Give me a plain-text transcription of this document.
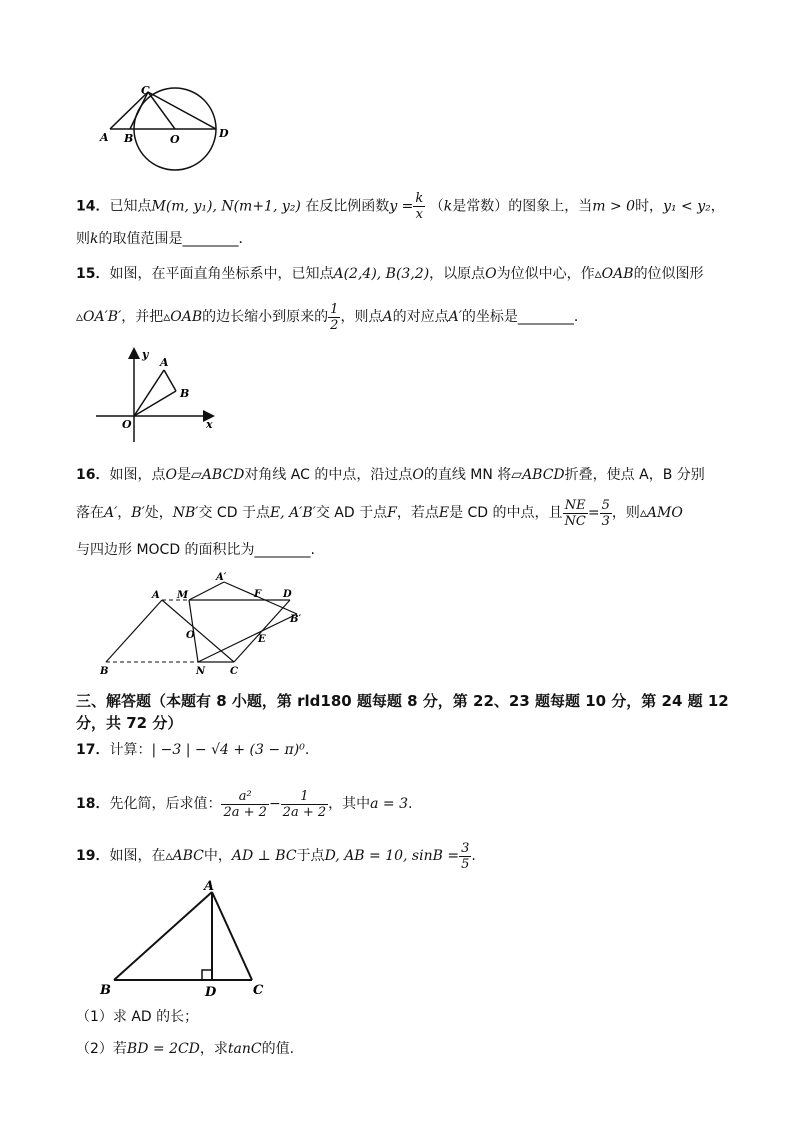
A B
C
O	D
14．已知点M(m, y₁), N(m+1, y₂) 在反比例函数$y = \frac{k}{x} (k$是常数）的图象上，当m > 0时，y₁ < y₂，
则k的取值范围是________．
15．如图，在平面直角坐标系中，已知点A(2,4), B(3,2)，以原点O为位似中心，作▵OAB的位似图形
▵OA′B′，并把▵OAB的边长缩小到原来的 $\frac{1}{2}$ ，则点A的对应点A′的坐标是________．
y
A
B
O	x
16．如图，点O是▱ABCD对角线 AC 的中点，沿过点O的直线 MN 将▱ABCD折叠，使点 A，B 分别
落在A′，B′处，NB′交 CD 于点E, A′B′交 AD 于点F，若点E是 CD 的中点，且 $\frac{NE}{NC} = \frac{5}{3}$ ，则▵AMO
与四边形 MOCD 的面积比为________.
A M
A′
F D
B′
O	E
B	N C
三、解答题（本题有 8 小题，第 rld180 题每题 8 分，第 22、23 题每题 10 分，第 24 题 12 分，共 72 分）
17．计算：| −3 | − √4 + (3 − π)⁰.
18．先化简，后求值： $\frac{\text{a²}}{2a + 2} - \frac{1}{2a + 2}$ ，其中a = 3.
19．如图，在▵ABC中，AD ⊥ BC于点D, AB = 10, $\sin B = \frac{3}{5}$ .
A
B	D	C
（1）求 AD 的长；
（2）若BD = 2CD，求tanC的值.
